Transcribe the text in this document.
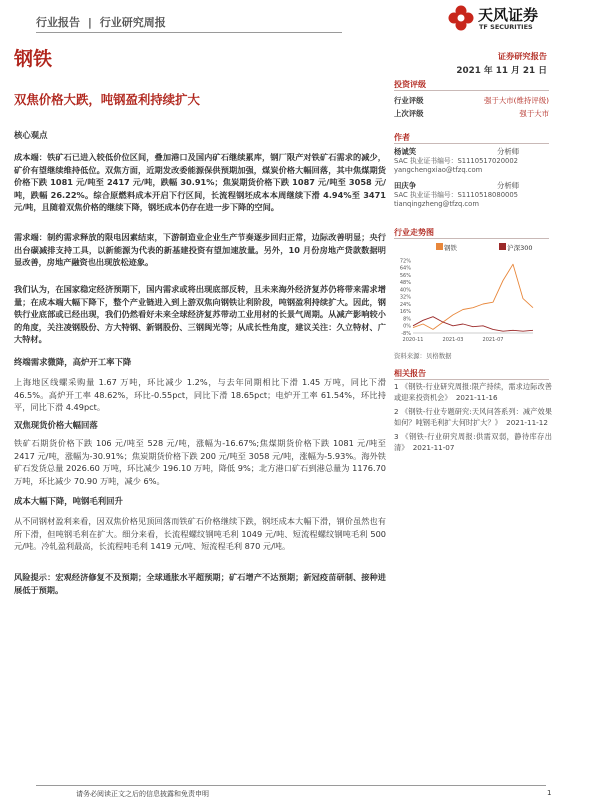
行业报告 | 行业研究周报	天风证券
TF SECURITIES
钢铁	证券研究报告
2021 年 11 月 21 日
双焦价格大跌，吨钢盈利持续扩大
核心观点

成本端：铁矿石已进入较低价位区间，叠加港口及国内矿石继续累库，钢厂限产对铁矿石需求的减少，矿价有望继续维持低位。双焦方面，近期发改委能源保供预期加强，煤炭价格大幅回落，其中焦煤期货价格下跌 1081 元/吨至 2417 元/吨，跌幅 30.91%；焦炭期货价格下跌 1087 元/吨至 3058 元/吨，跌幅 26.22%。综合原燃料成本开启下行区间，长流程钢坯成本本周继续下滑 4.94%至 3471 元/吨，且随着双焦价格的继续下降，钢坯成本仍存在进一步下降的空间。

需求端：制约需求释放的限电因素结束，下游制造业企业生产节奏逐步回归正常，边际改善明显；央行出台碳减排支持工具，以新能源为代表的新基建投资有望加速放量。另外，10 月份房地产贷款数据明显改善，房地产融资也出现放松迹象。

我们认为，在国家稳定经济预期下，国内需求或将出现底部反转，且未来海外经济复苏仍将带来需求增量；在成本端大幅下降下，整个产业链进入到上游双焦向钢铁让利阶段，吨钢盈利持续扩大。因此，钢铁行业底部或已经出现，我们仍然看好未来全球经济复苏带动工业用材的长景气周期。从减产影响较小的角度，关注凌钢股份、方大特钢、新钢股份、三钢闽光等；从成长性角度，建议关注：久立特材、广大特材。

终端需求微降，高炉开工率下降

上海地区线螺采购量 1.67 万吨，环比减少 1.2%，与去年同期相比下滑 1.45 万吨，同比下滑 46.5%。高炉开工率 48.62%，环比-0.55pct，同比下滑 18.65pct；电炉开工率 61.54%，环比持平，同比下滑 4.49pct。

双焦现货价格大幅回落

铁矿石期货价格下跌 106 元/吨至 528 元/吨，涨幅为-16.67%;焦煤期货价格下跌 1081 元/吨至 2417 元/吨，涨幅为-30.91%；焦炭期货价格下跌 200 元/吨至 3058 元/吨，涨幅为-5.93%。海外铁矿石发货总量 2026.60 万吨，环比减少 196.10 万吨，降低 9%；北方港口矿石到港总量为 1176.70 万吨，环比减少 70.90 万吨，减少 6%。

成本大幅下降，吨钢毛利回升

从不同钢材盈利来看，因双焦价格见顶回落而铁矿石价格继续下跌，钢坯成本大幅下滑，钢价虽然也有所下滑，但吨钢毛利在扩大。细分来看，长流程螺纹钢吨毛利 1049 元/吨、短流程螺纹钢吨毛利 500 元/吨。冷轧盈利最高，长流程吨毛利 1419 元/吨、短流程毛利 870 元/吨。

风险提示：宏观经济修复不及预期；全球通胀水平超预期；矿石增产不达预期；新冠疫苗研制、接种进展低于预期。

投资评级
行业评级	强于大市(维持评级)
上次评级	强于大市
作者
杨诚笑	分析师
SAC 执业证书编号：S1110517020002
yangchengxiao@tfzq.com
田庆争	分析师
SAC 执业证书编号：S1110518080005
tianqingzheng@tfzq.com
行业走势图
钢铁	沪深300
-8%
0%
8%
16%
24%
32%
40%
48%
56%
64%
72%
2020-11	2021-03	2021-07
资料来源：贝格数据
相关报告
1 《钢铁-行业研究周报:限产持续，需求边际改善或迎来投资机会》 2021-11-16
2 《钢铁-行业专题研究:天风问答系列：减产效果如何？吨钢毛利扩大何时扩大？》 2021-11-12
3 《钢铁-行业研究周报:供需双弱，静待库存出清》 2021-11-07
请务必阅读正文之后的信息披露和免责申明	1
